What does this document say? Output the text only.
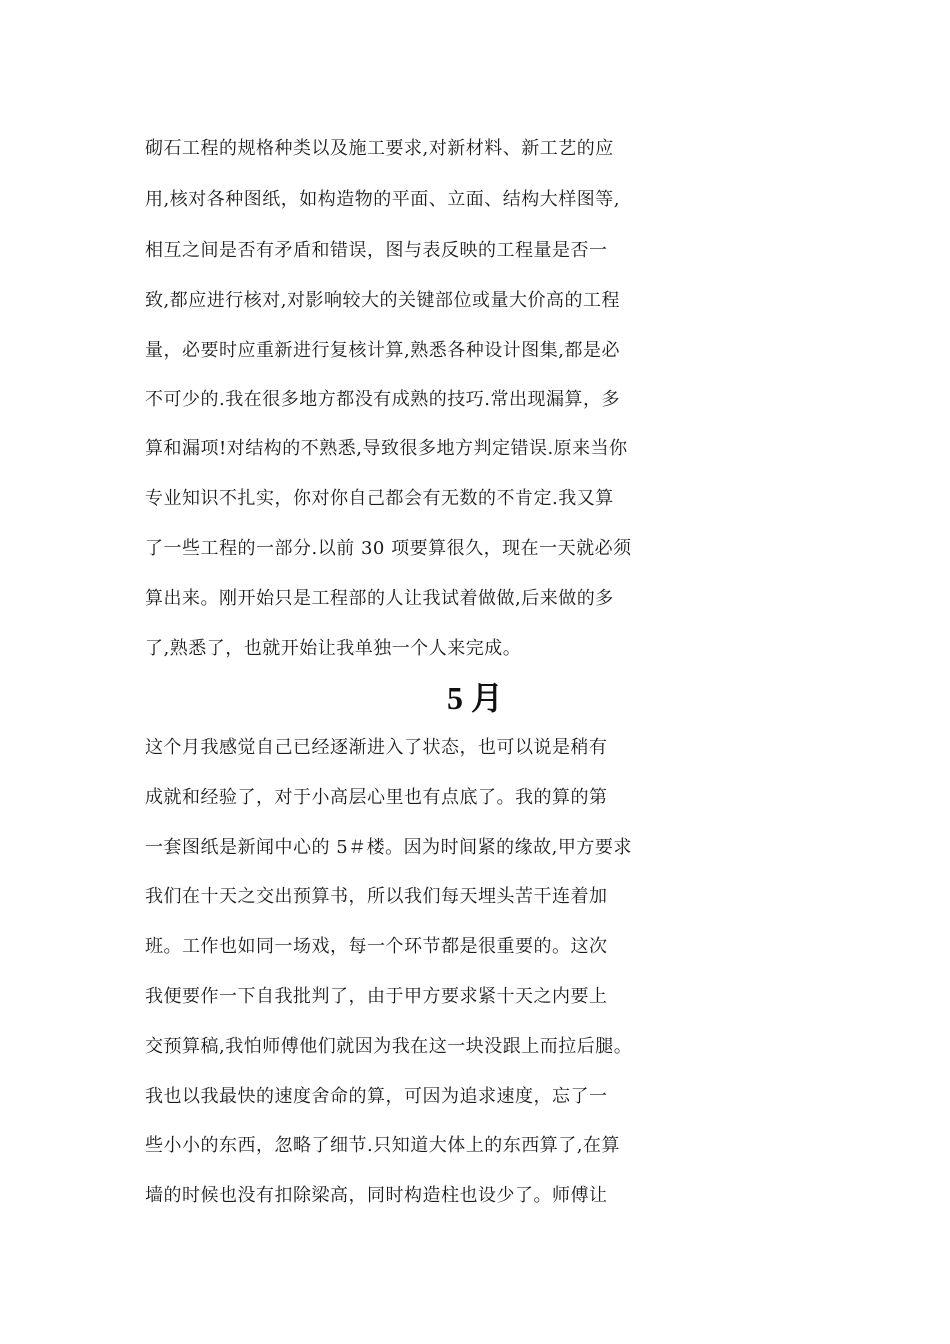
砌石工程的规格种类以及施工要求,对新材料、新工艺的应
用,核对各种图纸，如构造物的平面、立面、结构大样图等,
相互之间是否有矛盾和错误，图与表反映的工程量是否一
致,都应进行核对,对影响较大的关键部位或量大价高的工程
量，必要时应重新进行复核计算,熟悉各种设计图集,都是必
不可少的.我在很多地方都没有成熟的技巧.常出现漏算，多
算和漏项!对结构的不熟悉,导致很多地方判定错误.原来当你
专业知识不扎实，你对你自己都会有无数的不肯定.我又算
了一些工程的一部分.以前 30 项要算很久，现在一天就必须
算出来。刚开始只是工程部的人让我试着做做,后来做的多
了,熟悉了，也就开始让我单独一个人来完成。
5 月
这个月我感觉自己已经逐渐进入了状态，也可以说是稍有
成就和经验了，对于小高层心里也有点底了。我的算的第
一套图纸是新闻中心的 5＃楼。因为时间紧的缘故,甲方要求
我们在十天之交出预算书，所以我们每天埋头苦干连着加
班。工作也如同一场戏，每一个环节都是很重要的。这次
我便要作一下自我批判了，由于甲方要求紧十天之内要上
交预算稿,我怕师傅他们就因为我在这一块没跟上而拉后腿。
我也以我最快的速度舍命的算，可因为追求速度，忘了一
些小小的东西，忽略了细节.只知道大体上的东西算了,在算
墙的时候也没有扣除梁高，同时构造柱也设少了。师傅让
